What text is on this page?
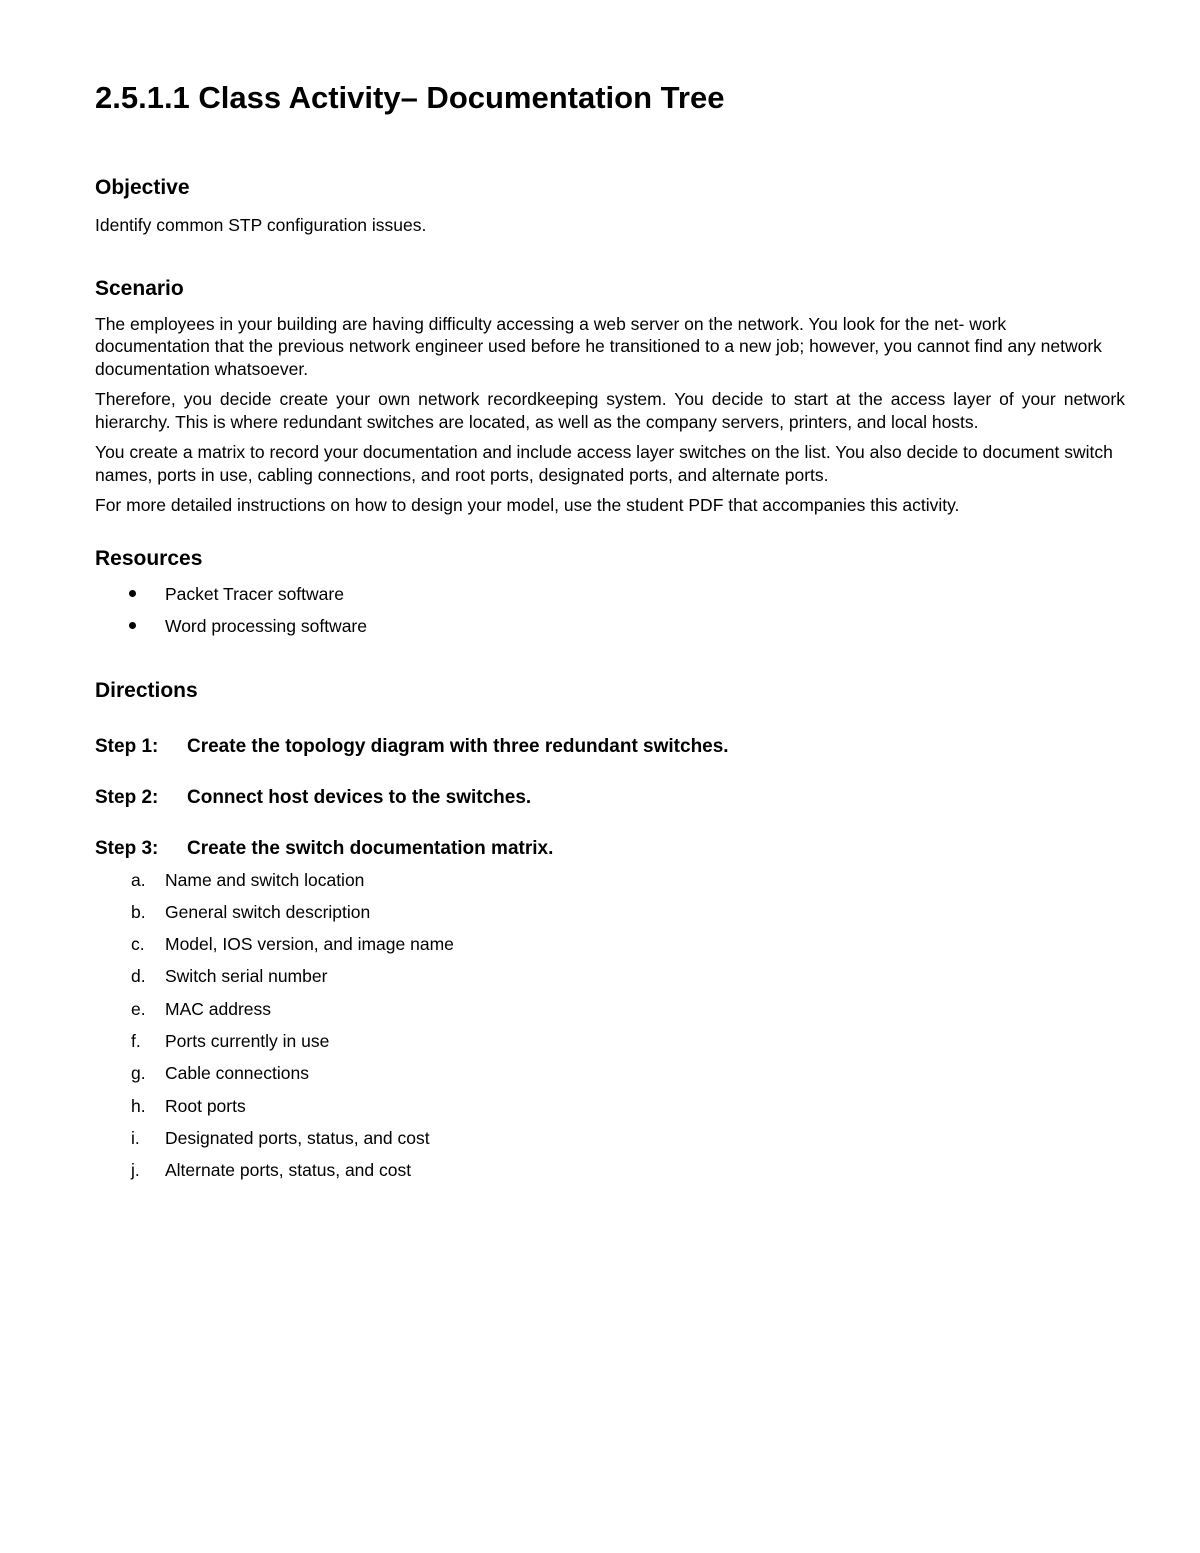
2.5.1.1 Class Activity– Documentation Tree
Objective

Identify common STP configuration issues.

Scenario

The employees in your building are having difficulty accessing a web server on the network. You look for the net- work documentation that the previous network engineer used before he transitioned to a new job; however, you cannot find any network documentation whatsoever.

Therefore, you decide create your own network recordkeeping system. You decide to start at the access layer of your network hierarchy. This is where redundant switches are located, as well as the company servers, printers, and local hosts.

You create a matrix to record your documentation and include access layer switches on the list. You also decide to document switch names, ports in use, cabling connections, and root ports, designated ports, and alternate ports.

For more detailed instructions on how to design your model, use the student PDF that accompanies this activity.

Resources
Packet Tracer software
Word processing software
Directions
Step 1: Create the topology diagram with three redundant switches.
Step 2: Connect host devices to the switches.
Step 3: Create the switch documentation matrix.
a. Name and switch location
b. General switch description
c. Model, IOS version, and image name
d. Switch serial number
e. MAC address
f. Ports currently in use
g. Cable connections
h. Root ports
i. Designated ports, status, and cost
j. Alternate ports, status, and cost
